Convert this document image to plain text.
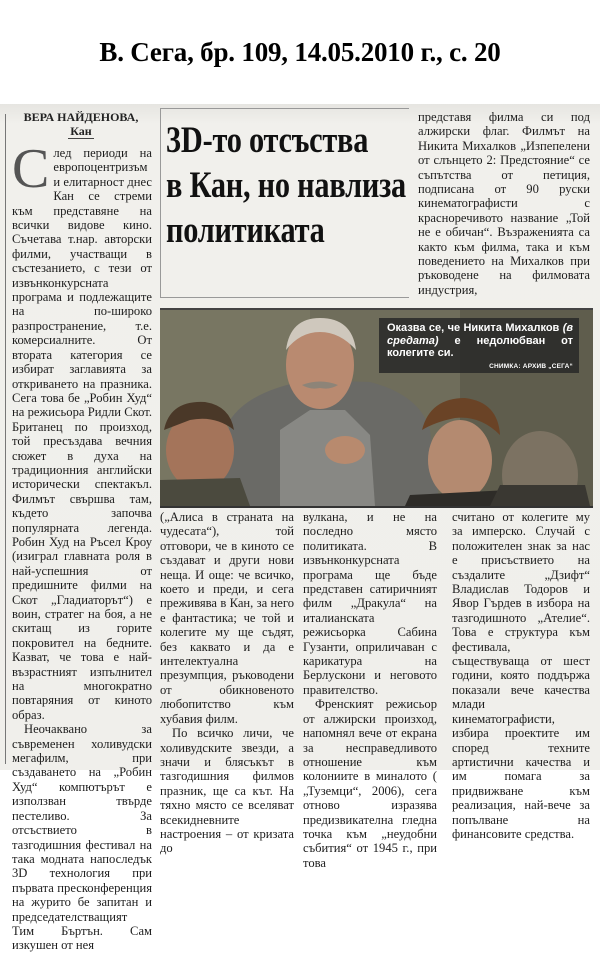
В. Сега, бр. 109, 14.05.2010 г., с. 20
ВЕРА НАЙДЕНОВА,
Кан

След периоди на европоцентризъм и елитарност днес Кан се стреми към представяне на всички видове кино. Съчетава т.нар. авторски филми, участващи в състезанието, с тези от извънконкурсната програма и подлежащите на по-широко разпространение, т.е. комерсиалните. От втората категория се избират заглавията за откриването на празника. Сега това бе „Робин Худ“ на режисьора Ридли Скот. Британец по произход, той пресъздава вечния сюжет в духа на традиционния английски исторически спектакъл. Филмът свършва там, където започва популярната легенда. Робин Худ на Ръсел Кроу (изиграл главната роля в най-успешния от предишните филми на Скот „Гладиаторът“) е воин, стратег на боя, а не скитащ из горите покровител на бедните. Казват, че това е най-възрастният изпълнител на многократно повтаряния от киното образ.

Неочаквано за съвременен холивудски мегафилм, при създаването на „Робин Худ“ компютърът е използван твърде пестеливо. За отсъствието в тазгодишния фестивал на така модната напоследък 3D технология при първата пресконференция на журито бе запитан и председателстващият Тим Бъртън. Сам изкушен от нея

3D-то отсъства
в Кан, но навлиза
политиката

представя филма си под алжирски флаг. Филмът на Никита Михалков „Изпепелени от слънцето 2: Предстояние“ се съпътства от петиция, подписана от 90 руски кинематографисти с красноречивото название „Той не е обичан“. Възраженията са както към филма, така и към поведението на Михалков при ръководене на филмовата индустрия,

Оказва се, че Никита Михалков (в средата) е недолюбван от колегите си.
СНИМКА: АРХИВ „СЕГА“

(„Алиса в страната на чудесата“), той отговори, че в киното се създават и други нови неща. И още: че всичко, което и преди, и сега преживява в Кан, за него е фантастика; че той и колегите му ще съдят, без каквато и да е интелектуална презумпция, ръководени от обикновеното любопитство към хубавия филм.

По всичко личи, че холивудските звезди, а значи и блясъкът в тазгодишния филмов празник, ще са кът. На тяхно място се вселяват всекидневните настроения – от кризата до

вулкана, и не на последно място политиката. В извънконкурсната програма ще бъде представен сатиричният филм „Дракула“ на италианската режисьорка Сабина Гузанти, оприличаван с карикатура на Берлускони и неговото правителство.

Френският режисьор от алжирски произход, напомнял вече от екрана за несправедливото отношение към колониите в миналото ( „Туземци“, 2006), сега отново изразява предизвикателна гледна точка към „неудобни събития“ от 1945 г., при това

считано от колегите му за имперско. Случай с положителен знак за нас е присъствието на създалите „Дзифт“ Владислав Тодоров и Явор Гърдев в избора на тазгодишното „Ателие“. Това е структура към фестивала, съществуваща от шест години, която поддържа показали вече качества млади кинематографисти, избира проектите им според техните артистични качества и им помага за придвижване към реализация, най-вече за попълване на финансовите средства.
